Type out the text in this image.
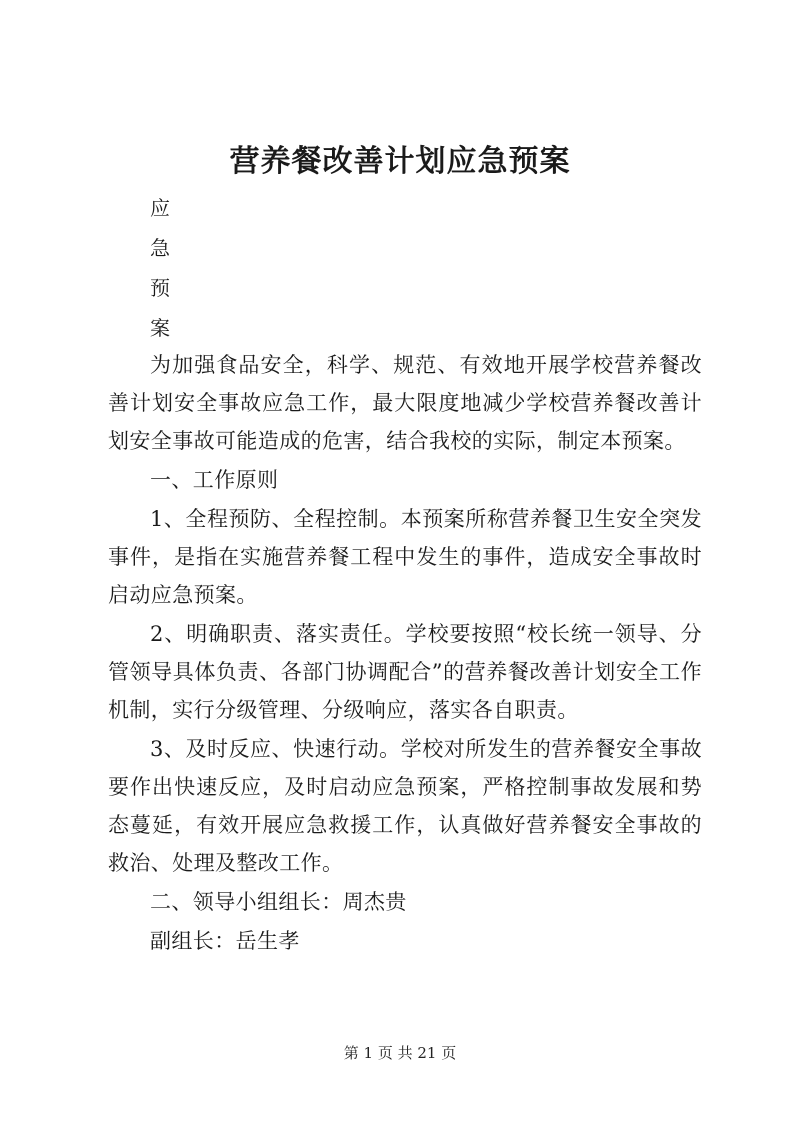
营养餐改善计划应急预案
应
急
预
案

为加强食品安全，科学、规范、有效地开展学校营养餐改善计划安全事故应急工作，最大限度地减少学校营养餐改善计划安全事故可能造成的危害，结合我校的实际，制定本预案。

一、工作原则

1、全程预防、全程控制。本预案所称营养餐卫生安全突发事件，是指在实施营养餐工程中发生的事件，造成安全事故时启动应急预案。

2、明确职责、落实责任。学校要按照“校长统一领导、分管领导具体负责、各部门协调配合”的营养餐改善计划安全工作机制，实行分级管理、分级响应，落实各自职责。

3、及时反应、快速行动。学校对所发生的营养餐安全事故要作出快速反应，及时启动应急预案，严格控制事故发展和势态蔓延，有效开展应急救援工作，认真做好营养餐安全事故的救治、处理及整改工作。

二、领导小组组长：周杰贵

副组长：岳生孝

第 1 页 共 21 页
